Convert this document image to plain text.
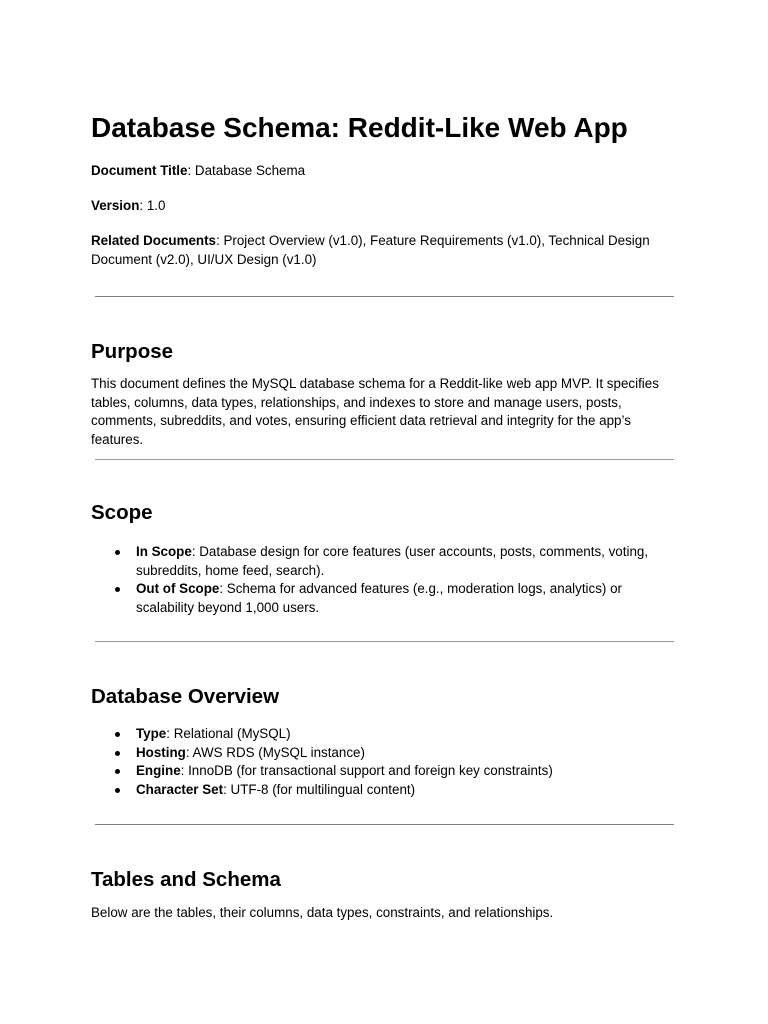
Database Schema: Reddit-Like Web App

Document Title: Database Schema

Version: 1.0

Related Documents: Project Overview (v1.0), Feature Requirements (v1.0), Technical Design Document (v2.0), UI/UX Design (v1.0)

Purpose

This document defines the MySQL database schema for a Reddit-like web app MVP. It specifies tables, columns, data types, relationships, and indexes to store and manage users, posts, comments, subreddits, and votes, ensuring efficient data retrieval and integrity for the app’s features.

Scope
In Scope: Database design for core features (user accounts, posts, comments, voting, subreddits, home feed, search).
Out of Scope: Schema for advanced features (e.g., moderation logs, analytics) or scalability beyond 1,000 users.
Database Overview
Type: Relational (MySQL)
Hosting: AWS RDS (MySQL instance)
Engine: InnoDB (for transactional support and foreign key constraints)
Character Set: UTF-8 (for multilingual content)
Tables and Schema

Below are the tables, their columns, data types, constraints, and relationships.
